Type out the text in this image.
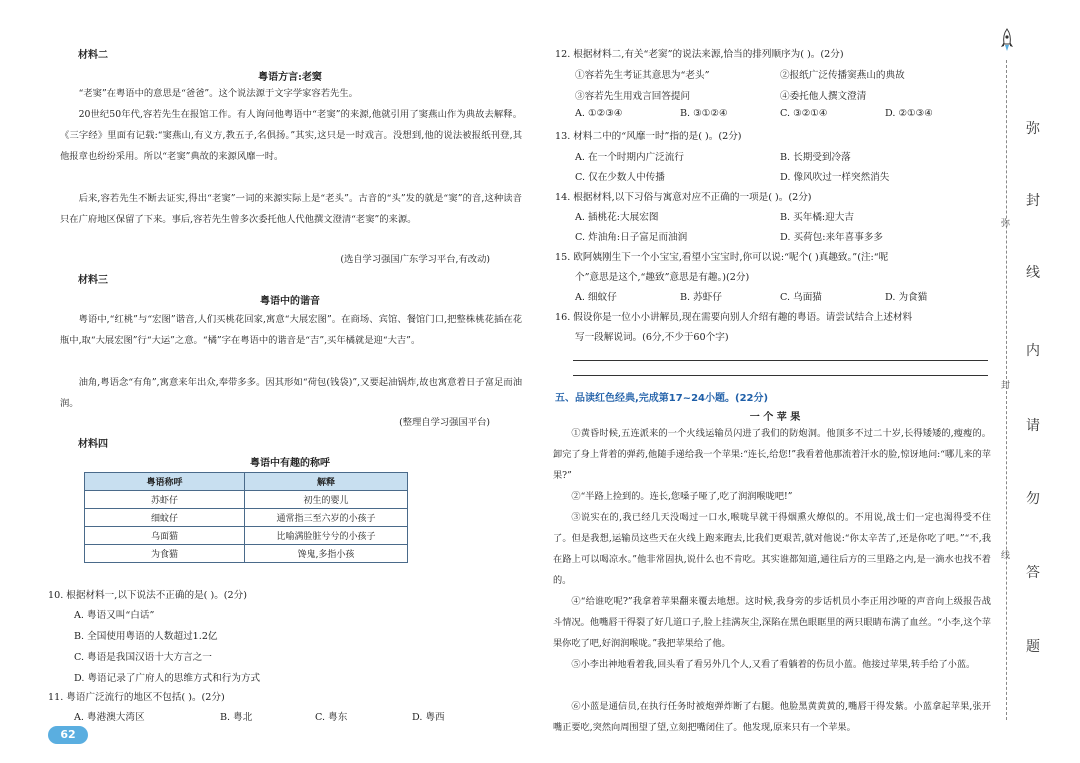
材料二
粤语方言:老窦
“老窦”在粤语中的意思是“爸爸”。这个说法源于文字学家容若先生。
20世纪50年代,容若先生在报馆工作。有人询问他粤语中“老窦”的来源,他就引用了窦燕山作为典故去解释。《三字经》里面有记载:“窦燕山,有义方,教五子,名俱扬。”其实,这只是一时戏言。没想到,他的说法被报纸刊登,其他报章也纷纷采用。所以“老窦”典故的来源风靡一时。
后来,容若先生不断去证实,得出“老窦”一词的来源实际上是“老头”。古音的“头”发的就是“窦”的音,这种读音只在广府地区保留了下来。事后,容若先生曾多次委托他人代他撰文澄清“老窦”的来源。
(选自学习强国广东学习平台,有改动)
材料三
粤语中的谐音
粤语中,“红桃”与“宏图”谐音,人们买桃花回家,寓意“大展宏图”。在商场、宾馆、餐馆门口,把整株桃花插在花瓶中,取“大展宏图”行“大运”之意。“橘”字在粤语中的谐音是“吉”,买年橘就是迎“大吉”。
油角,粤语念“有角”,寓意来年出众,奉带多多。因其形如“荷包(钱袋)”,又要起油锅炸,故也寓意着日子富足而油润。
(整理自学习强国平台)
材料四
粤语中有趣的称呼
粤语称呼	解释
苏虾仔	初生的婴儿
细蚊仔	通常指三至六岁的小孩子
乌面猫	比喻满脸脏兮兮的小孩子
为食猫	馋鬼,多指小孩
10. 根据材料一,以下说法不正确的是( )。(2分)
A. 粤语又叫“白话”
B. 全国使用粤语的人数超过1.2亿
C. 粤语是我国汉语十大方言之一
D. 粤语记录了广府人的思维方式和行为方式
11. 粤语广泛流行的地区不包括( )。(2分)
A. 粤港澳大湾区	B. 粤北	C. 粤东	D. 粤西
62
12. 根据材料二,有关“老窦”的说法来源,恰当的排列顺序为( )。(2分)
①容若先生考证其意思为“老头”	②报纸广泛传播窦燕山的典故
③容若先生用戏言回答提问	④委托他人撰文澄清
A. ①②③④	B. ③①②④	C. ③②①④	D. ②①③④
13. 材料二中的“风靡一时”指的是( )。(2分)
A. 在一个时期内广泛流行	B. 长期受到冷落
C. 仅在少数人中传播	D. 像风吹过一样突然消失
14. 根据材料,以下习俗与寓意对应不正确的一项是( )。(2分)
A. 插桃花:大展宏图	B. 买年橘:迎大吉
C. 炸油角:日子富足而油润	D. 买荷包:来年喜事多多
15. 欧阿姨刚生下一个小宝宝,看望小宝宝时,你可以说:“呢个( )真趣致。”(注:“呢
个”意思是这个,“趣致”意思是有趣。)(2分)
A. 细蚊仔	B. 苏虾仔	C. 乌面猫	D. 为食猫
16. 假设你是一位小小讲解员,现在需要向别人介绍有趣的粤语。请尝试结合上述材料
写一段解说词。(6分,不少于60个字)
五、品读红色经典,完成第17~24小题。(22分)
一 个 苹 果
①黄昏时候,五连派来的一个火线运输员闪进了我们的防炮洞。他顶多不过二十岁,长得矮矮的,瘦瘦的。卸完了身上背着的弹药,他随手递给我一个苹果:“连长,给您!”我看着他那流着汗水的脸,惊讶地问:“哪儿来的苹果?”
②“半路上捡到的。连长,您嗓子哑了,吃了润润喉咙吧!”
③说实在的,我已经几天没喝过一口水,喉咙早就干得烟熏火燎似的。不用说,战士们一定也渴得受不住了。但是我想,运输员这些天在火线上跑来跑去,比我们更艰苦,就对他说:“你太辛苦了,还是你吃了吧。”“不,我在路上可以喝凉水。”他非常固执,说什么也不肯吃。其实谁都知道,通往后方的三里路之内,是一滴水也找不着的。
④“给谁吃呢?”我拿着苹果翻来覆去地想。这时候,我身旁的步话机员小李正用沙哑的声音向上级报告战斗情况。他嘴唇干得裂了好几道口子,脸上挂满灰尘,深陷在黑色眼眶里的两只眼睛布满了血丝。“小李,这个苹果你吃了吧,好润润喉咙。”我把苹果给了他。
⑤小李出神地看着我,回头看了看另外几个人,又看了看躺着的伤员小蓝。他接过苹果,转手给了小蓝。
⑥小蓝是通信员,在执行任务时被炮弹炸断了右腿。他脸黑黄黄黄的,嘴唇干得发紫。小蓝拿起苹果,张开嘴正要吃,突然向周围望了望,立刻把嘴闭住了。他发现,原来只有一个苹果。
弥
封
线
弥
封
线
内
请
勿
答
题
